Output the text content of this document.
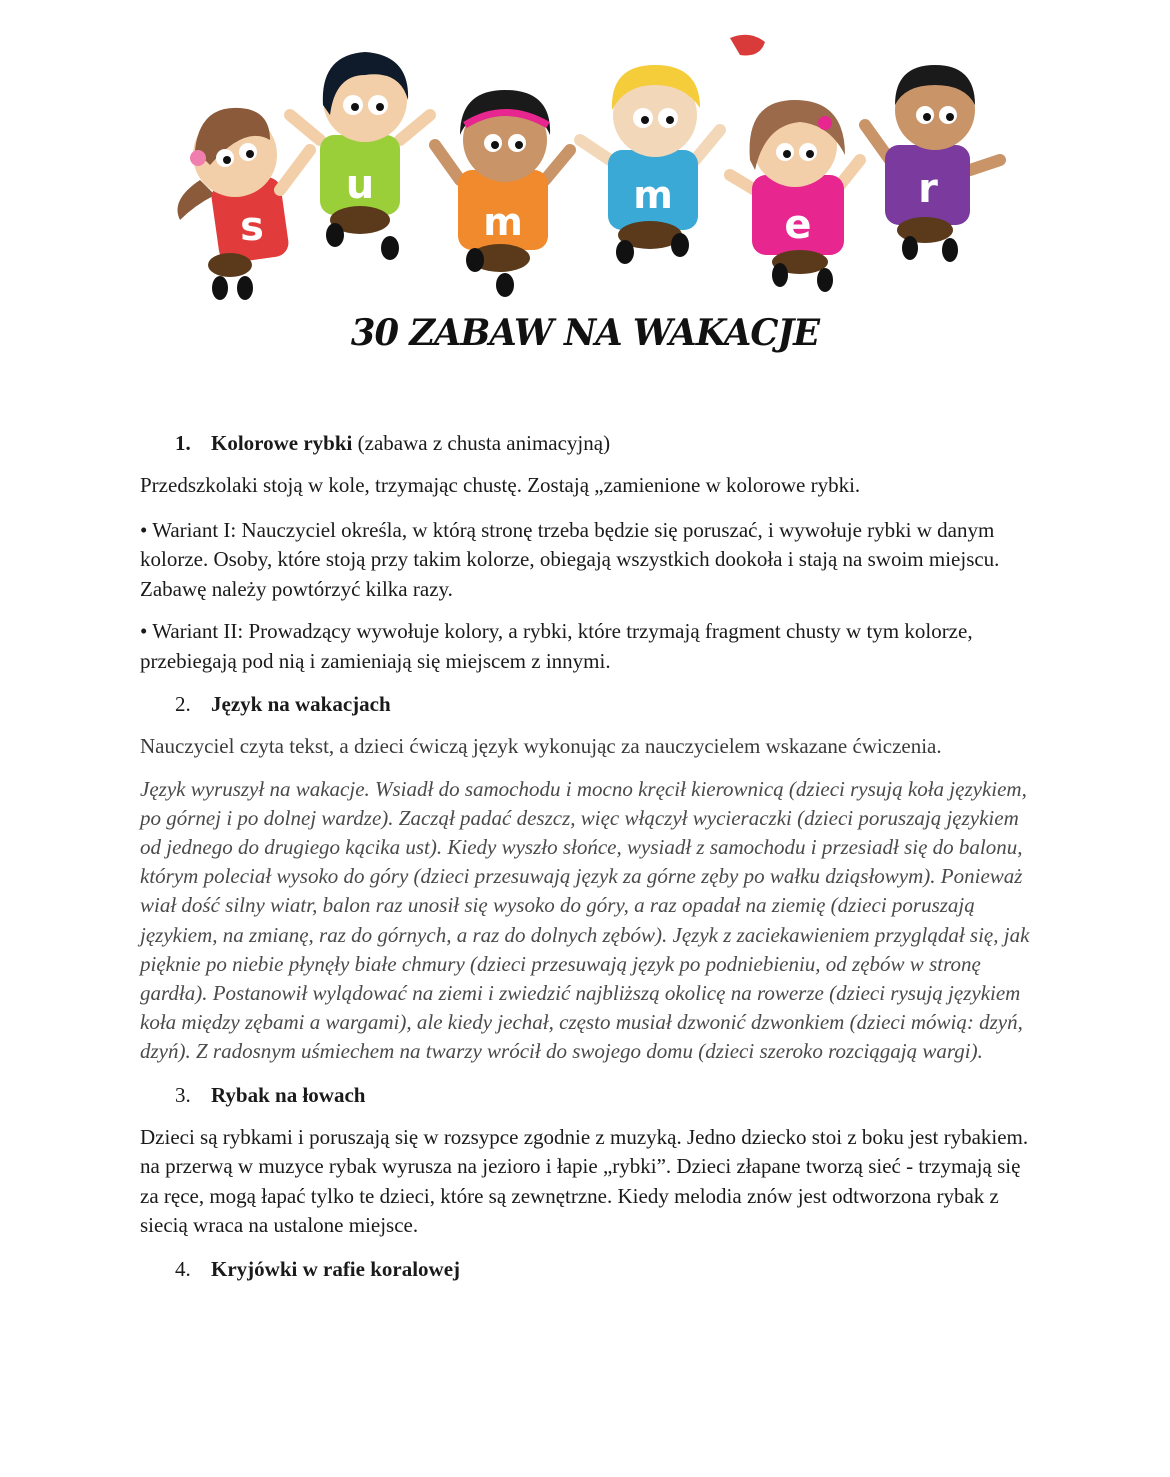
s
u
m
m
e
r
30 ZABAW NA WAKACJE
1. Kolorowe rybki (zabawa z chusta animacyjną)

Przedszkolaki stoją w kole, trzymając chustę. Zostają „zamienione w kolorowe rybki.

• Wariant I: Nauczyciel określa, w którą stronę trzeba będzie się poruszać, i wywołuje rybki w danym kolorze. Osoby, które stoją przy takim kolorze, obiegają wszystkich dookoła i stają na swoim miejscu. Zabawę należy powtórzyć kilka razy.

• Wariant II: Prowadzący wywołuje kolory, a rybki, które trzymają fragment chusty w tym kolorze, przebiegają pod nią i zamieniają się miejscem z innymi.

2. Język na wakacjach

Nauczyciel czyta tekst, a dzieci ćwiczą język wykonując za nauczycielem wskazane ćwiczenia.

Język wyruszył na wakacje. Wsiadł do samochodu i mocno kręcił kierownicą (dzieci rysują koła językiem, po górnej i po dolnej wardze). Zaczął padać deszcz, więc włączył wycieraczki (dzieci poruszają językiem od jednego do drugiego kącika ust). Kiedy wyszło słońce, wysiadł z samochodu i przesiadł się do balonu, którym poleciał wysoko do góry (dzieci przesuwają język za górne zęby po wałku dziąsłowym). Ponieważ wiał dość silny wiatr, balon raz unosił się wysoko do góry, a raz opadał na ziemię (dzieci poruszają językiem, na zmianę, raz do górnych, a raz do dolnych zębów). Język z zaciekawieniem przyglądał się, jak pięknie po niebie płynęły białe chmury (dzieci przesuwają język po podniebieniu, od zębów w stronę gardła). Postanowił wylądować na ziemi i zwiedzić najbliższą okolicę na rowerze (dzieci rysują językiem koła między zębami a wargami), ale kiedy jechał, często musiał dzwonić dzwonkiem (dzieci mówią: dzyń, dzyń). Z radosnym uśmiechem na twarzy wrócił do swojego domu (dzieci szeroko rozciągają wargi).

3. Rybak na łowach

Dzieci są rybkami i poruszają się w rozsypce zgodnie z muzyką. Jedno dziecko stoi z boku jest rybakiem. na przerwą w muzyce rybak wyrusza na jezioro i łapie „rybki”. Dzieci złapane tworzą sieć - trzymają się za ręce, mogą łapać tylko te dzieci, które są zewnętrzne. Kiedy melodia znów jest odtworzona rybak z siecią wraca na ustalone miejsce.

4. Kryjówki w rafie koralowej
